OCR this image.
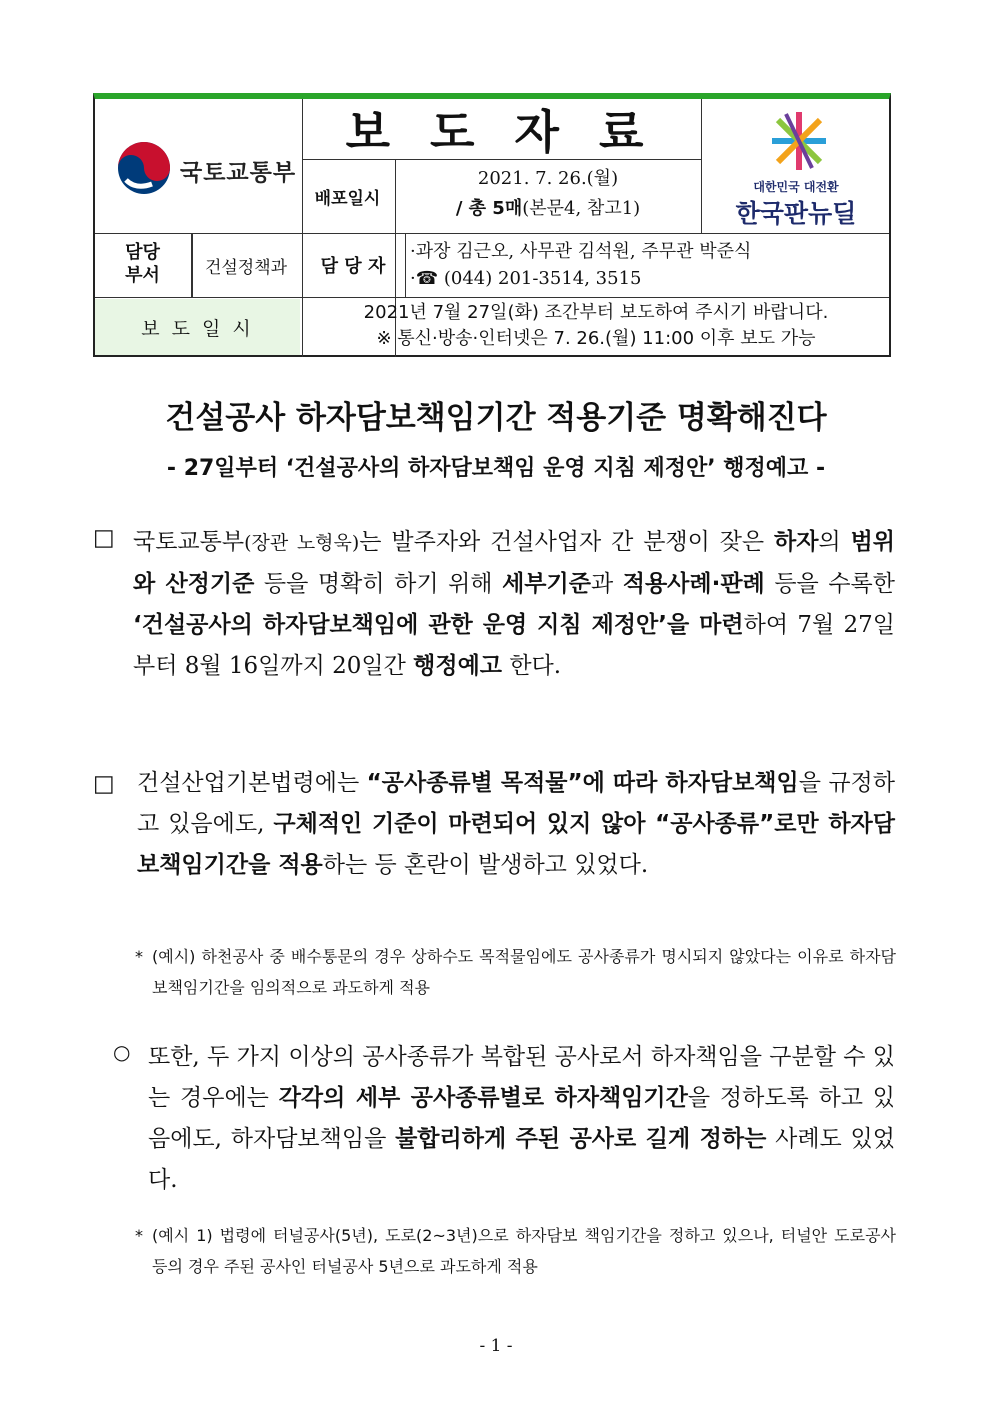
국토교통부
보 도 자 료
배포일시
2021. 7. 26.(월)
/ 총 5매(본문4, 참고1)
대한민국 대전환
한국판뉴딜
담당
부서	건설정책과	담 당 자
·과장 김근오, 사무관 김석원, 주무관 박준식
·☎ (044) 201-3514, 3515
보 도 일 시
2021년 7월 27일(화) 조간부터 보도하여 주시기 바랍니다.
※ 통신·방송·인터넷은 7. 26.(월) 11:00 이후 보도 가능
건설공사 하자담보책임기간 적용기준 명확해진다
- 27일부터 ‘건설공사의 하자담보책임 운영 지침 제정안’ 행정예고 -
□ 국토교통부(장관 노형욱)는 발주자와 건설사업자 간 분쟁이 잦은 하자의 범위와 산정기준 등을 명확히 하기 위해 세부기준과 적용사례·판례 등을 수록한 ‘건설공사의 하자담보책임에 관한 운영 지침 제정안’을 마련하여 7월 27일부터 8월 16일까지 20일간 행정예고 한다.
□ 건설산업기본법령에는 “공사종류별 목적물”에 따라 하자담보책임을 규정하고 있음에도, 구체적인 기준이 마련되어 있지 않아 “공사종류”로만 하자담보책임기간을 적용하는 등 혼란이 발생하고 있었다.
* (예시) 하천공사 중 배수통문의 경우 상하수도 목적물임에도 공사종류가 명시되지 않았다는 이유로 하자담보책임기간을 임의적으로 과도하게 적용
○ 또한, 두 가지 이상의 공사종류가 복합된 공사로서 하자책임을 구분할 수 있는 경우에는 각각의 세부 공사종류별로 하자책임기간을 정하도록 하고 있음에도, 하자담보책임을 불합리하게 주된 공사로 길게 정하는 사례도 있었다.
* (예시 1) 법령에 터널공사(5년), 도로(2~3년)으로 하자담보 책임기간을 정하고 있으나, 터널안 도로공사 등의 경우 주된 공사인 터널공사 5년으로 과도하게 적용
- 1 -
